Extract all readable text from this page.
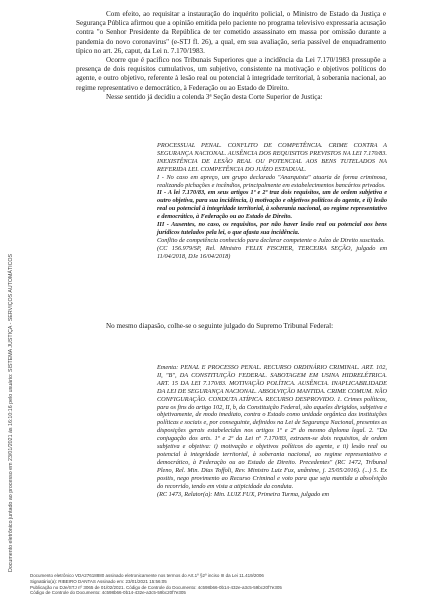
Documento eletrônico juntado ao processo em 23/01/2021 às 16:10:16 pelo usuário: SISTEMA JUSTIÇA - SERVIÇOS AUTOMÁTICOS

Com efeito, ao requisitar a instauração do inquérito policial, o Ministro de Estado da Justiça e Segurança Pública afirmou que a opinião emitida pelo paciente no programa televisivo expressaria acusação contra "o Senhor Presidente da República de ter cometido assassinato em massa por omissão durante a pandemia do novo coronavirus" (e-STJ fl. 26), a qual, em sua avaliação, seria passível de enquadramento típico no art. 26, caput, da Lei n. 7.170/1983.

Ocorre que é pacífico nos Tribunais Superiores que a incidência da Lei 7.170/1983 pressupõe a presença de dois requisitos cumulativos, um subjetivo, consistente na motivação e objetivos políticos do agente, e outro objetivo, referente à lesão real ou potencial à integridade territorial, à soberania nacional, ao regime representativo e democrático, à Federação ou ao Estado de Direito.

Nesse sentido já decidiu a colenda 3ª Seção desta Corte Superior de Justiça:

PROCESSUAL PENAL. CONFLITO DE COMPETÊNCIA. CRIME CONTRA A SEGURANÇA NACIONAL. AUSÊNCIA DOS REQUISITOS PREVISTOS NA LEI 7.170/83. INEXISTÊNCIA DE LESÃO REAL OU POTENCIAL AOS BENS TUTELADOS NA REFERIDA LEI. COMPETÊNCIA DO JUÍZO ESTADUAL.

I - No caso em apreço, um grupo declarado "Anarquista" atuaria de forma criminosa, realizando pichações e incêndios, principalmente em estabelecimentos bancários privados.

II - A lei 7.170/83, em seus artigos 1º e 2º traz dois requisitos, um de ordem subjetiva e outro objetiva, para sua incidência, i) motivação e objetivos políticos do agente, e ii) lesão real ou potencial à integridade territorial, à soberania nacional, ao regime representativo e democrático, à Federação ou ao Estado de Direito.

III - Ausentes, no caso, os requisitos, por não haver lesão real ou potencial aos bens jurídicos tutelados pela lei, o que afasta sua incidência.

Conflito de competência conhecido para declarar competente o Juízo de Direito suscitado.

(CC 156.979/SP, Rel. Ministro FELIX FISCHER, TERCEIRA SEÇÃO, julgado em 11/04/2018, DJe 16/04/2018)

No mesmo diapasão, colhe-se o seguinte julgado do Supremo Tribunal Federal:

Ementa: PENAL E PROCESSO PENAL. RECURSO ORDINÁRIO CRIMINAL. ART. 102, II, "B", DA CONSTITUIÇÃO FEDERAL. SABOTAGEM EM USINA HIDRELÉTRICA. ART. 15 DA LEI 7.170/83. MOTIVAÇÃO POLÍTICA. AUSÊNCIA. INAPLICABILIDADE DA LEI DE SEGURANÇA NACIONAL. ABSOLVIÇÃO MANTIDA. CRIME COMUM. NÃO CONFIGURAÇÃO. CONDUTA ATÍPICA. RECURSO DESPROVIDO. 1. Crimes políticos, para os fins do artigo 102, II, b, da Constituição Federal, são aqueles dirigidos, subjetiva e objetivamente, de modo imediato, contra o Estado como unidade orgânica das instituições políticas e sociais e, por conseguinte, definidos na Lei de Segurança Nacional, presentes as disposições gerais estabelecidas nos artigos 1º e 2º do mesmo diploma legal. 2. "Da conjugação dos arts. 1º e 2º da Lei nº 7.170/83, extraem-se dois requisitos, de ordem subjetiva e objetiva: i) motivação e objetivos políticos do agente, e ii) lesão real ou potencial à integridade territorial, à soberania nacional, ao regime representativo e democrático, à Federação ou ao Estado de Direito. Precedentes" (RC 1472, Tribunal Pleno, Rel. Min. Dias Toffoli, Rev. Ministro Luiz Fux, unânime, j. 25/05/2016). (...) 5. Ex positis, nego provimento ao Recurso Criminal e voto para que seja mantida a absolvição do recorrido, tendo em vista a atipicidade da conduta.

(RC 1473, Relator(a): Min. LUIZ FUX, Primeira Turma, julgado em

Documento eletrônico VDA27618880 assinado eletronicamente nos termos do Art.1º §2º inciso III da Lei 11.419/2006
Signatário(a): RIBEIRO DANTAS Assinado em: 23/01/2021 15:56:05
Publicação no DJe/STJ nº 3065 de 01/02/2021. Código de Controle do Documento: 4c598b66-0b14-432e-a3c5-59bc20f7e305
Código de Controle do Documento: 4c598b66-0b14-432e-a3c5-59bc20f7e305
